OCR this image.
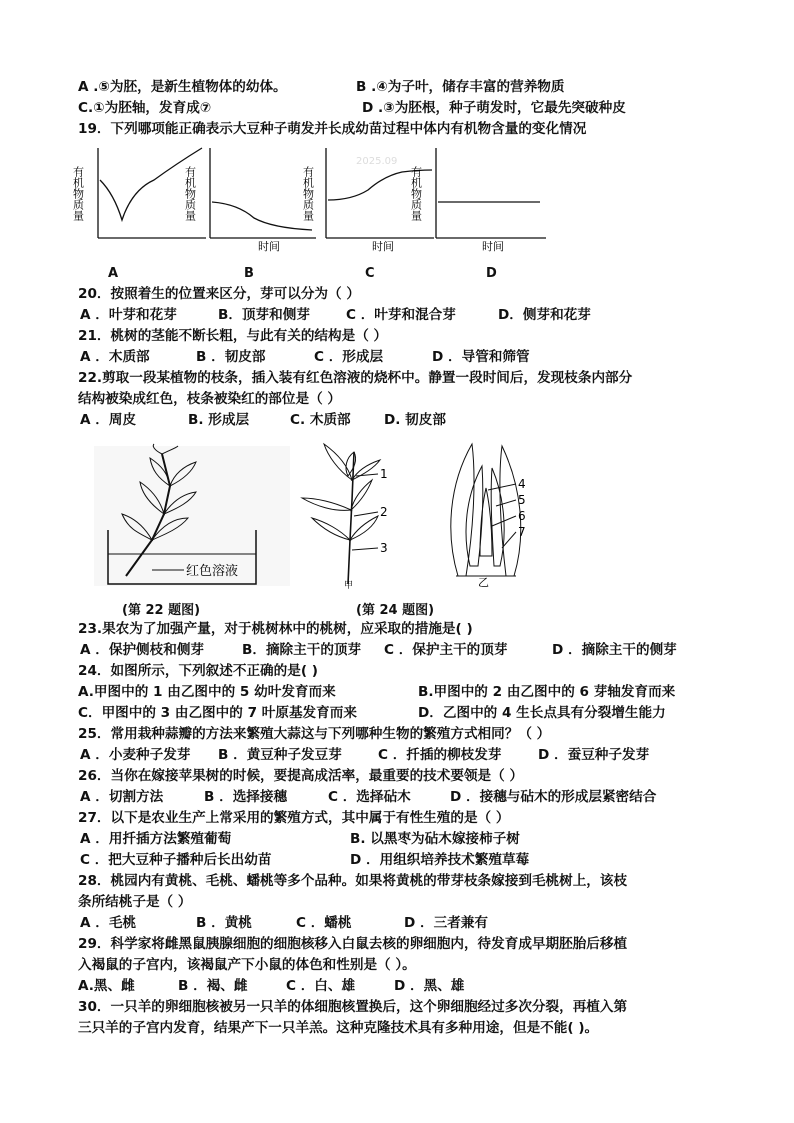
A .⑤为胚，是新生植物体的幼体。	B .④为子叶，储存丰富的营养物质
C.①为胚轴，发育成⑦	D .③为胚根，种子萌发时，它最先突破种皮
19．下列哪项能正确表示大豆种子萌发并长成幼苗过程中体内有机物含量的变化情况
有机物质量	有机物质量
时间
有机物质量
时间
2025.09
有机物质量
时间
A	B	C	D
20．按照着生的位置来区分，芽可以分为（ ）
A ．叶芽和花芽	B．顶芽和侧芽	C ．叶芽和混合芽	D．侧芽和花芽
21．桃树的茎能不断长粗，与此有关的结构是（ ）
A ．木质部	B ．韧皮部	C ．形成层	D ．导管和筛管
22.剪取一段某植物的枝条，插入装有红色溶液的烧杯中。静置一段时间后，发现枝条内部分
结构被染成红色，枝条被染红的部位是（ ）
A ．周皮	B. 形成层	C. 木质部 D. 韧皮部
红色溶液
(第 22 题图)
1
2
3
甲
4
5
6
7
乙
(第 24 题图)
23.果农为了加强产量，对于桃树林中的桃树，应采取的措施是( )
A ．保护侧枝和侧芽	B．摘除主干的顶芽 C ．保护主干的顶芽	D ．摘除主干的侧芽
24．如图所示，下列叙述不正确的是( )
A.甲图中的 1 由乙图中的 5 幼叶发育而来	B.甲图中的 2 由乙图中的 6 芽轴发育而来
C．甲图中的 3 由乙图中的 7 叶原基发育而来	D．乙图中的 4 生长点具有分裂增生能力
25．常用栽种蒜瓣的方法来繁殖大蒜这与下列哪种生物的繁殖方式相同？（ ）
A ．小麦种子发芽 B ．黄豆种子发豆芽	C ．扦插的柳枝发芽	D ．蚕豆种子发芽
26．当你在嫁接苹果树的时候，要提高成活率，最重要的技术要领是（ ）
A ．切割方法	B ．选择接穗	C ．选择砧木	D ．接穗与砧木的形成层紧密结合
27．以下是农业生产上常采用的繁殖方式，其中属于有性生殖的是（ ）
A ．用扦插方法繁殖葡萄	B. 以黑枣为砧木嫁接柿子树
C ．把大豆种子播种后长出幼苗	D ．用组织培养技术繁殖草莓
28．桃园内有黄桃、毛桃、蟠桃等多个品种。如果将黄桃的带芽枝条嫁接到毛桃树上，该枝
条所结桃子是（ ）
A ．毛桃	B ．黄桃	C ．蟠桃	D ．三者兼有
29．科学家将雌黑鼠胰腺细胞的细胞核移入白鼠去核的卵细胞内，待发育成早期胚胎后移植
入褐鼠的子宫内，该褐鼠产下小鼠的体色和性别是（ ）。
A.黑、雌	B ．褐、雌	C ．白、雄	D ．黑、雄
30．一只羊的卵细胞核被另一只羊的体细胞核置换后，这个卵细胞经过多次分裂，再植入第
三只羊的子宫内发育，结果产下一只羊羔。这种克隆技术具有多种用途，但是不能( )。
